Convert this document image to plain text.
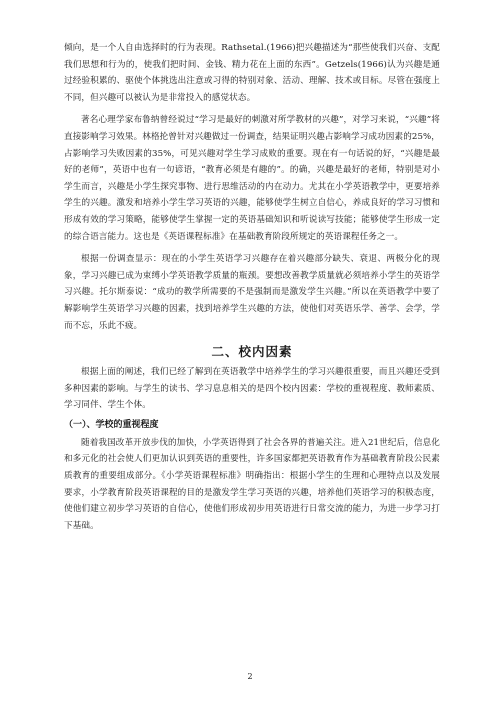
倾向，是一个人自由选择时的行为表现。Rathsetal.(1966)把兴趣描述为“那些使我们兴奋、支配我们思想和行为的，使我们把时间、金钱、精力花在上面的东西”。Getzels(1966)认为兴趣是通过经验积累的、驱使个体挑选出注意或习得的特别对象、活动、理解、技术或目标。尽管在强度上不同，但兴趣可以被认为是非常投入的感觉状态。

著名心理学家布鲁纳曾经说过“学习是最好的刺激对所学教材的兴趣”，对学习来说，“兴趣”将直接影响学习效果。林格抡曾针对兴趣做过一份调查，结果证明兴趣占影响学习成功因素的25%，占影响学习失败因素的35%，可见兴趣对学生学习成败的重要。现在有一句话说的好，“兴趣是最好的老师”，英语中也有一句谚语，“教育必须是有趣的”。的确，兴趣是最好的老师，特别是对小学生而言，兴趣是小学生探究事物、进行思维活动的内在动力。尤其在小学英语教学中，更要培养学生的兴趣。激发和培养小学生学习英语的兴趣，能够使学生树立自信心，养成良好的学习习惯和形成有效的学习策略，能够使学生掌握一定的英语基础知识和听说读写技能；能够使学生形成一定的综合语言能力。这也是《英语课程标准》在基础教育阶段所规定的英语课程任务之一。

根据一份调查显示：现在的小学生英语学习兴趣存在着兴趣部分缺失、衰退、两极分化的现象，学习兴趣已成为束缚小学英语教学质量的瓶颈。要想改善教学质量就必须培养小学生的英语学习兴趣。托尔斯泰说：“成功的教学所需要的不是强制而是激发学生兴趣。”所以在英语教学中要了解影响学生英语学习兴趣的因素，找到培养学生兴趣的方法，使他们对英语乐学、善学、会学，学而不忘，乐此不疲。

二、校内因素

根据上面的阐述，我们已经了解到在英语教学中培养学生的学习兴趣很重要，而且兴趣还受到多种因素的影响。与学生的读书、学习息息相关的是四个校内因素：学校的重视程度、教师素质、学习同伴、学生个体。

（一）、学校的重视程度

随着我国改革开放步伐的加快，小学英语得到了社会各界的普遍关注。进入21世纪后，信息化和多元化的社会使人们更加认识到英语的重要性，许多国家都把英语教育作为基础教育阶段公民素质教育的重要组成部分。《小学英语课程标准》明确指出：根据小学生的生理和心理特点以及发展要求，小学教育阶段英语课程的目的是激发学生学习英语的兴趣，培养他们英语学习的积极态度，使他们建立初步学习英语的自信心，使他们形成初步用英语进行日常交流的能力，为进一步学习打下基础。

2
